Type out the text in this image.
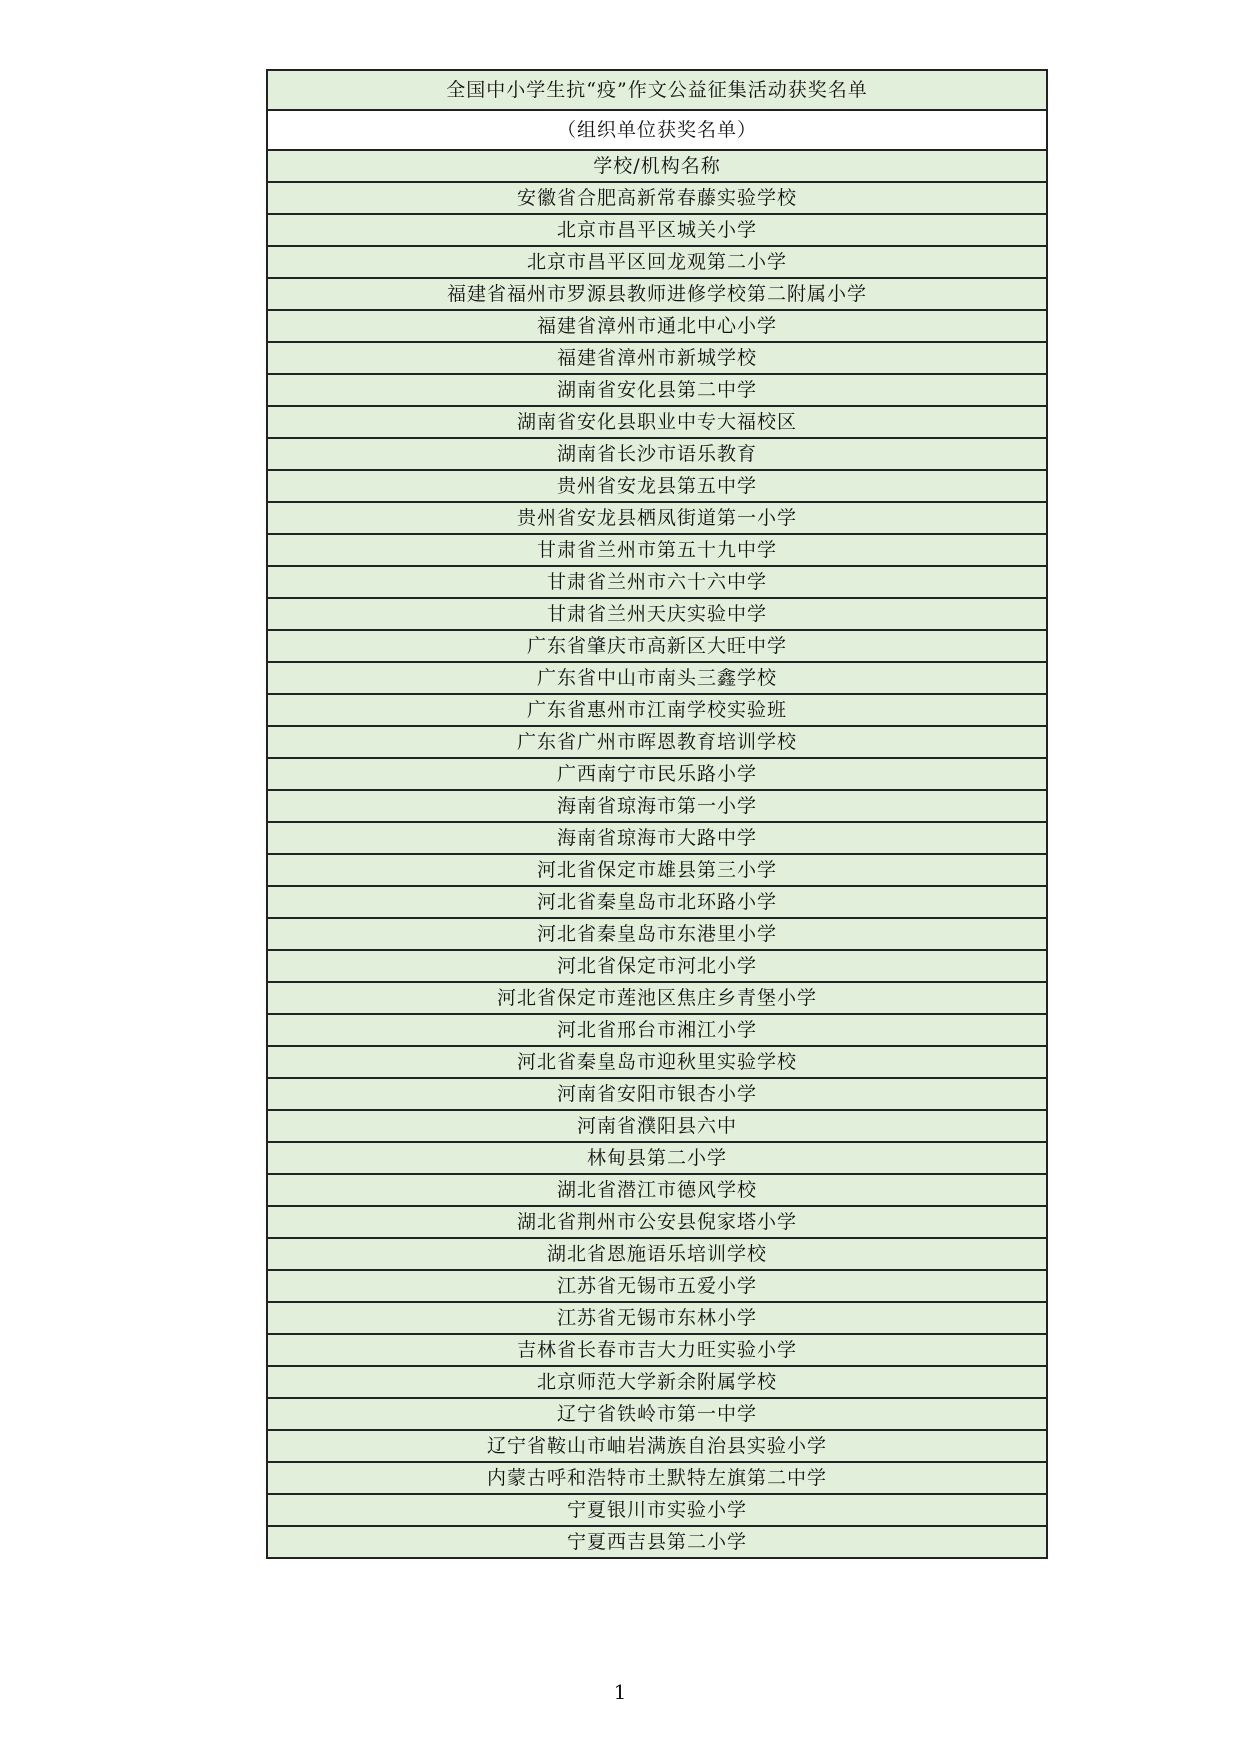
全国中小学生抗“疫”作文公益征集活动获奖名单
（组织单位获奖名单）
学校/机构名称
安徽省合肥高新常春藤实验学校
北京市昌平区城关小学
北京市昌平区回龙观第二小学
福建省福州市罗源县教师进修学校第二附属小学
福建省漳州市通北中心小学
福建省漳州市新城学校
湖南省安化县第二中学
湖南省安化县职业中专大福校区
湖南省长沙市语乐教育
贵州省安龙县第五中学
贵州省安龙县栖凤街道第一小学
甘肃省兰州市第五十九中学
甘肃省兰州市六十六中学
甘肃省兰州天庆实验中学
广东省肇庆市高新区大旺中学
广东省中山市南头三鑫学校
广东省惠州市江南学校实验班
广东省广州市晖恩教育培训学校
广西南宁市民乐路小学
海南省琼海市第一小学
海南省琼海市大路中学
河北省保定市雄县第三小学
河北省秦皇岛市北环路小学
河北省秦皇岛市东港里小学
河北省保定市河北小学
河北省保定市莲池区焦庄乡青堡小学
河北省邢台市湘江小学
河北省秦皇岛市迎秋里实验学校
河南省安阳市银杏小学
河南省濮阳县六中
林甸县第二小学
湖北省潜江市德风学校
湖北省荆州市公安县倪家塔小学
湖北省恩施语乐培训学校
江苏省无锡市五爱小学
江苏省无锡市东林小学
吉林省长春市吉大力旺实验小学
北京师范大学新余附属学校
辽宁省铁岭市第一中学
辽宁省鞍山市岫岩满族自治县实验小学
内蒙古呼和浩特市土默特左旗第二中学
宁夏银川市实验小学
宁夏西吉县第二小学
1
